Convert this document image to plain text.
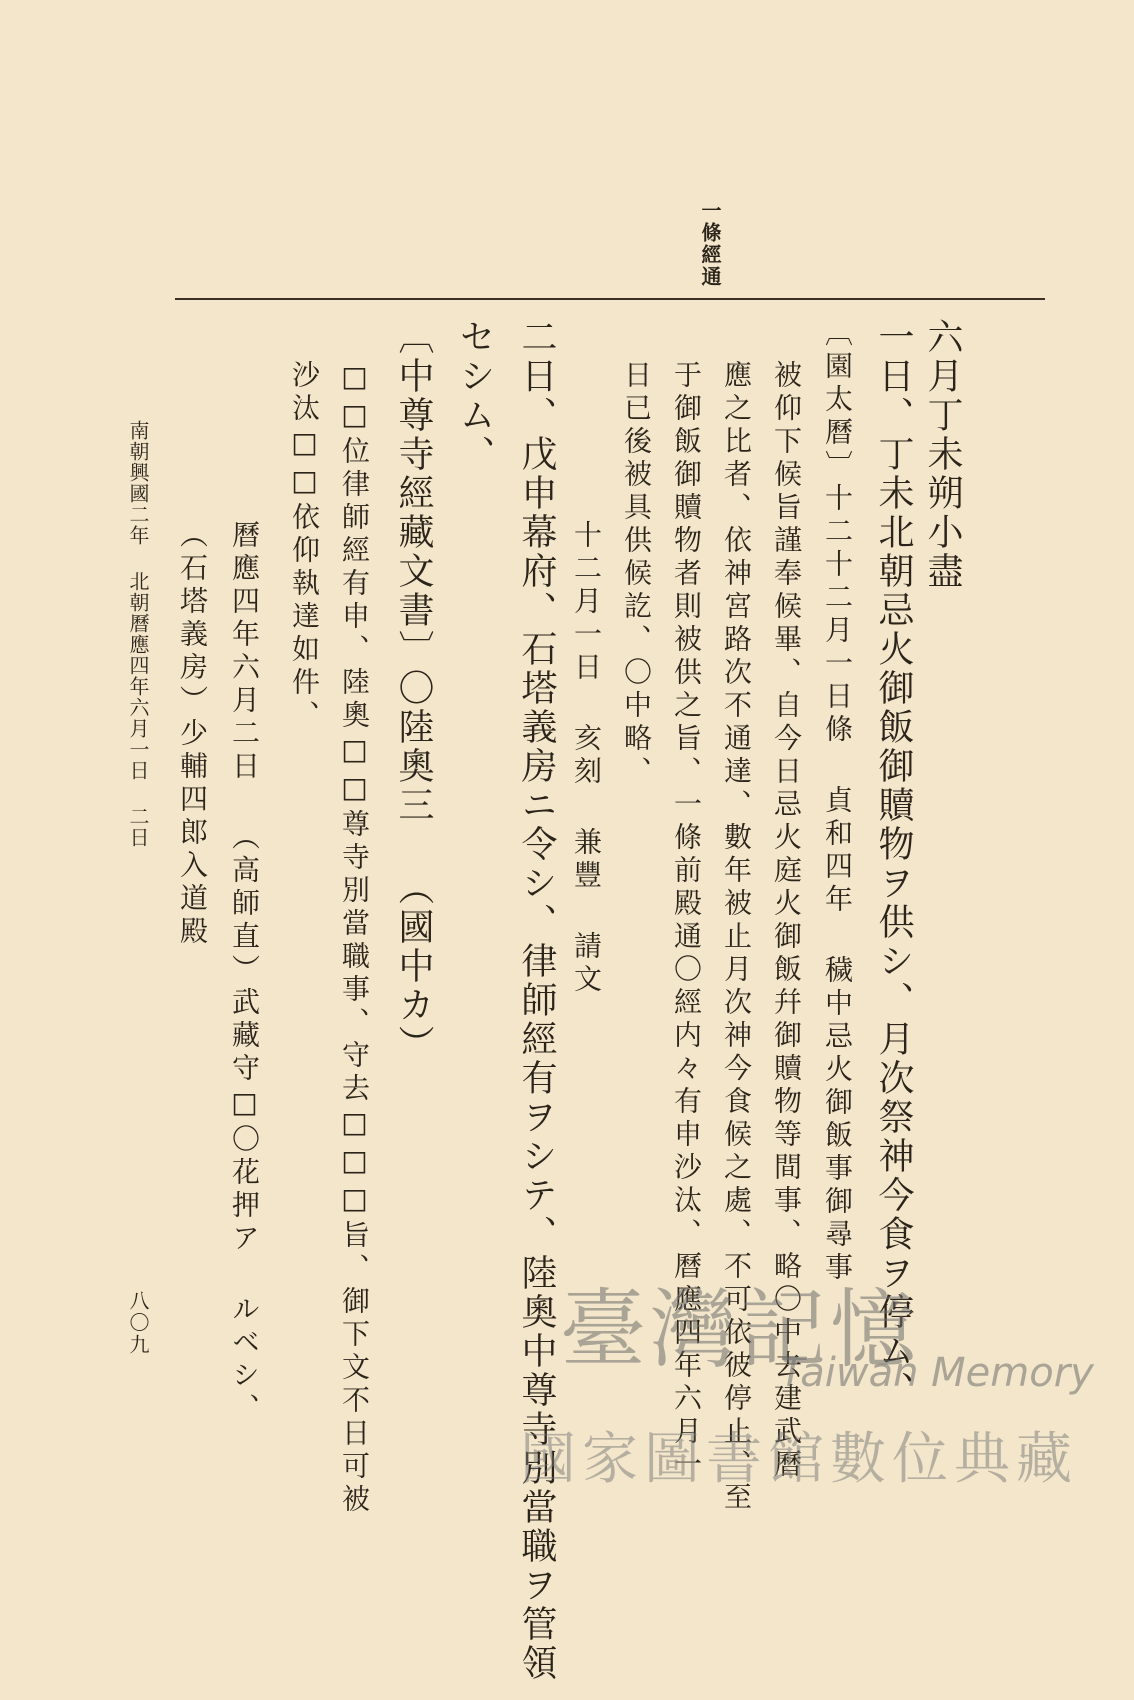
一條經通
六月丁未朔小盡
一日、丁未北朝忌火御飯御贖物ヲ供シ、月次祭神今食ヲ停ム、
〔園太曆〕十二十二月一日條 貞和四年 穢中忌火御飯事御尋事
被仰下候旨謹奉候畢、自今日忌火庭火御飯幷御贖物等間事、略〇中去建武曆
應之比者、依神宮路次不通達、數年被止月次神今食候之處、不可依彼停止、至
于御飯御贖物者則被供之旨、一條前殿通〇經内々有申沙汰、曆應四年六月一
日已後被具供候訖、〇中略、
十二月一日 亥刻 兼豐 請文
二日、戊申幕府、石塔義房ニ令シ、律師經有ヲシテ、陸奧中尊寺別當職ヲ管領
セシム、
〔中尊寺經藏文書〕〇陸奧三 （國中カ）
□□位律師經有申、陸奧□□尊寺別當職事、守去□□□旨、御下文不日可被
沙汰□□依仰執達如件、
曆應四年六月二日 （高師直）武藏守□〇花押ア ルベシ、
（石塔義房）少輔四郎入道殿
南朝興國二年 北朝曆應四年六月一日 二日
八〇九	臺灣記憶
Taiwan Memory
國家圖書館數位典藏
